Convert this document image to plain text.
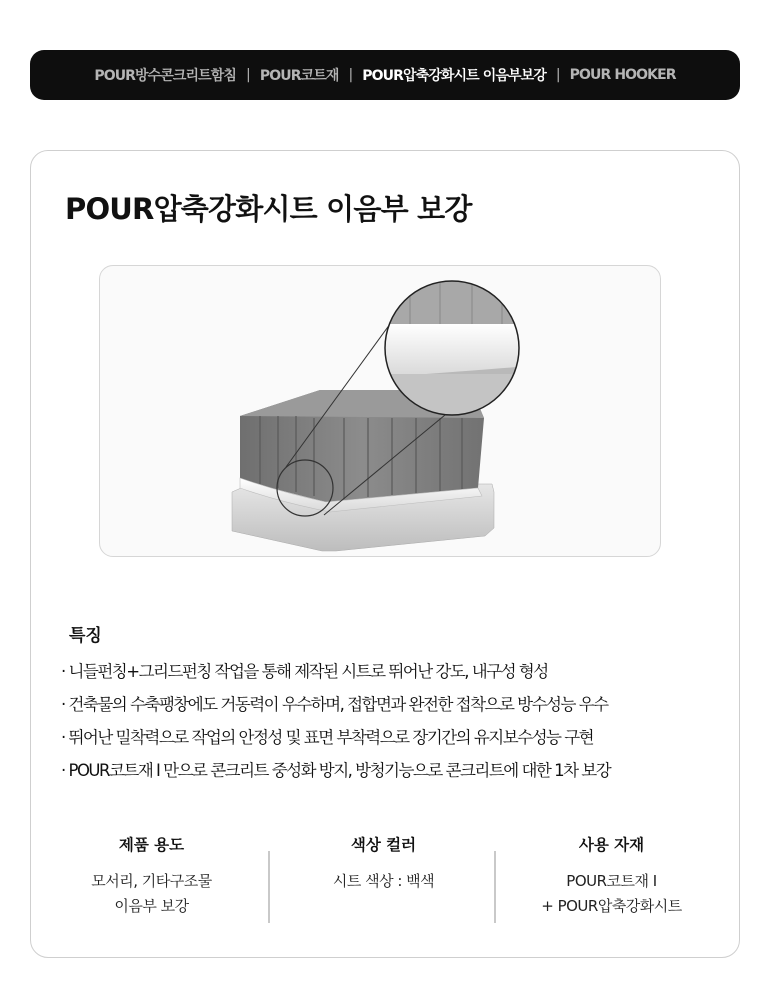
POUR방수콘크리트함침 | POUR코트재 | POUR압축강화시트 이음부보강 | POUR HOOKER
POUR압축강화시트 이음부 보강
특징
· 니들펀칭+그리드펀칭 작업을 통해 제작된 시트로 뛰어난 강도, 내구성 형성
· 건축물의 수축팽창에도 거동력이 우수하며, 접합면과 완전한 접착으로 방수성능 우수
· 뛰어난 밀착력으로 작업의 안정성 및 표면 부착력으로 장기간의 유지보수성능 구현
· POUR코트재 I 만으로 콘크리트 중성화 방지, 방청기능으로 콘크리트에 대한 1차 보강
제품 용도
모서리, 기타구조물
이음부 보강
색상 컬러
시트 색상 : 백색
사용 자재
POUR코트재 I
+ POUR압축강화시트
